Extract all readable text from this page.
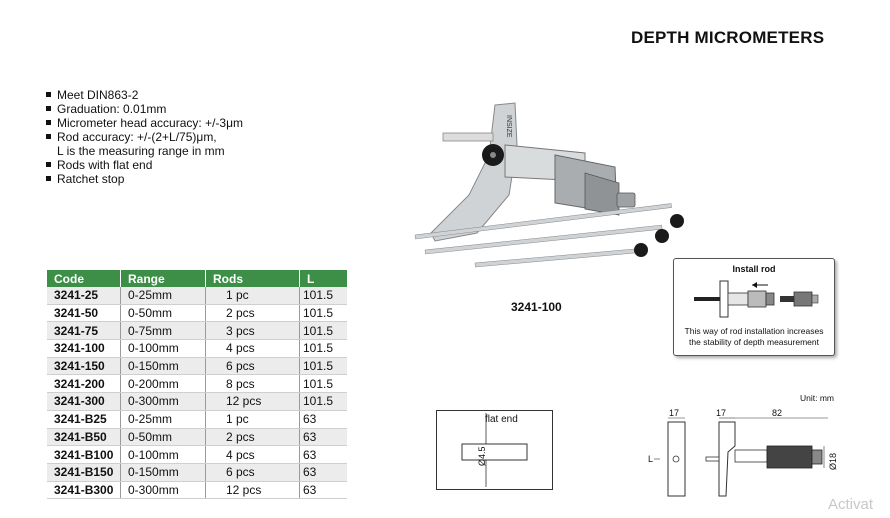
DEPTH MICROMETERS
Meet DIN863-2
Graduation: 0.01mm
Micrometer head accuracy: +/-3μm
Rod accuracy: +/-(2+L/75)μm,
L is the measuring range in mm
Rods with flat end
Ratchet stop
Code	Range	Rods	L
3241-25	0-25mm	1 pc	101.5
3241-50	0-50mm	2 pcs	101.5
3241-75	0-75mm	3 pcs	101.5
3241-100	0-100mm	4 pcs	101.5
3241-150	0-150mm	6 pcs	101.5
3241-200	0-200mm	8 pcs	101.5
3241-300	0-300mm	12 pcs	101.5
3241-B25	0-25mm	1 pc	63
3241-B50	0-50mm	2 pcs	63
3241-B100	0-100mm	4 pcs	63
3241-B150	0-150mm	6 pcs	63
3241-B300	0-300mm	12 pcs	63
INSIZE
3241-100
Install rod
This way of rod installation increases
the stability of depth measurement
Ø4.5
flat end
Unit: mm
17	17	82
L	Ø18
Activat
